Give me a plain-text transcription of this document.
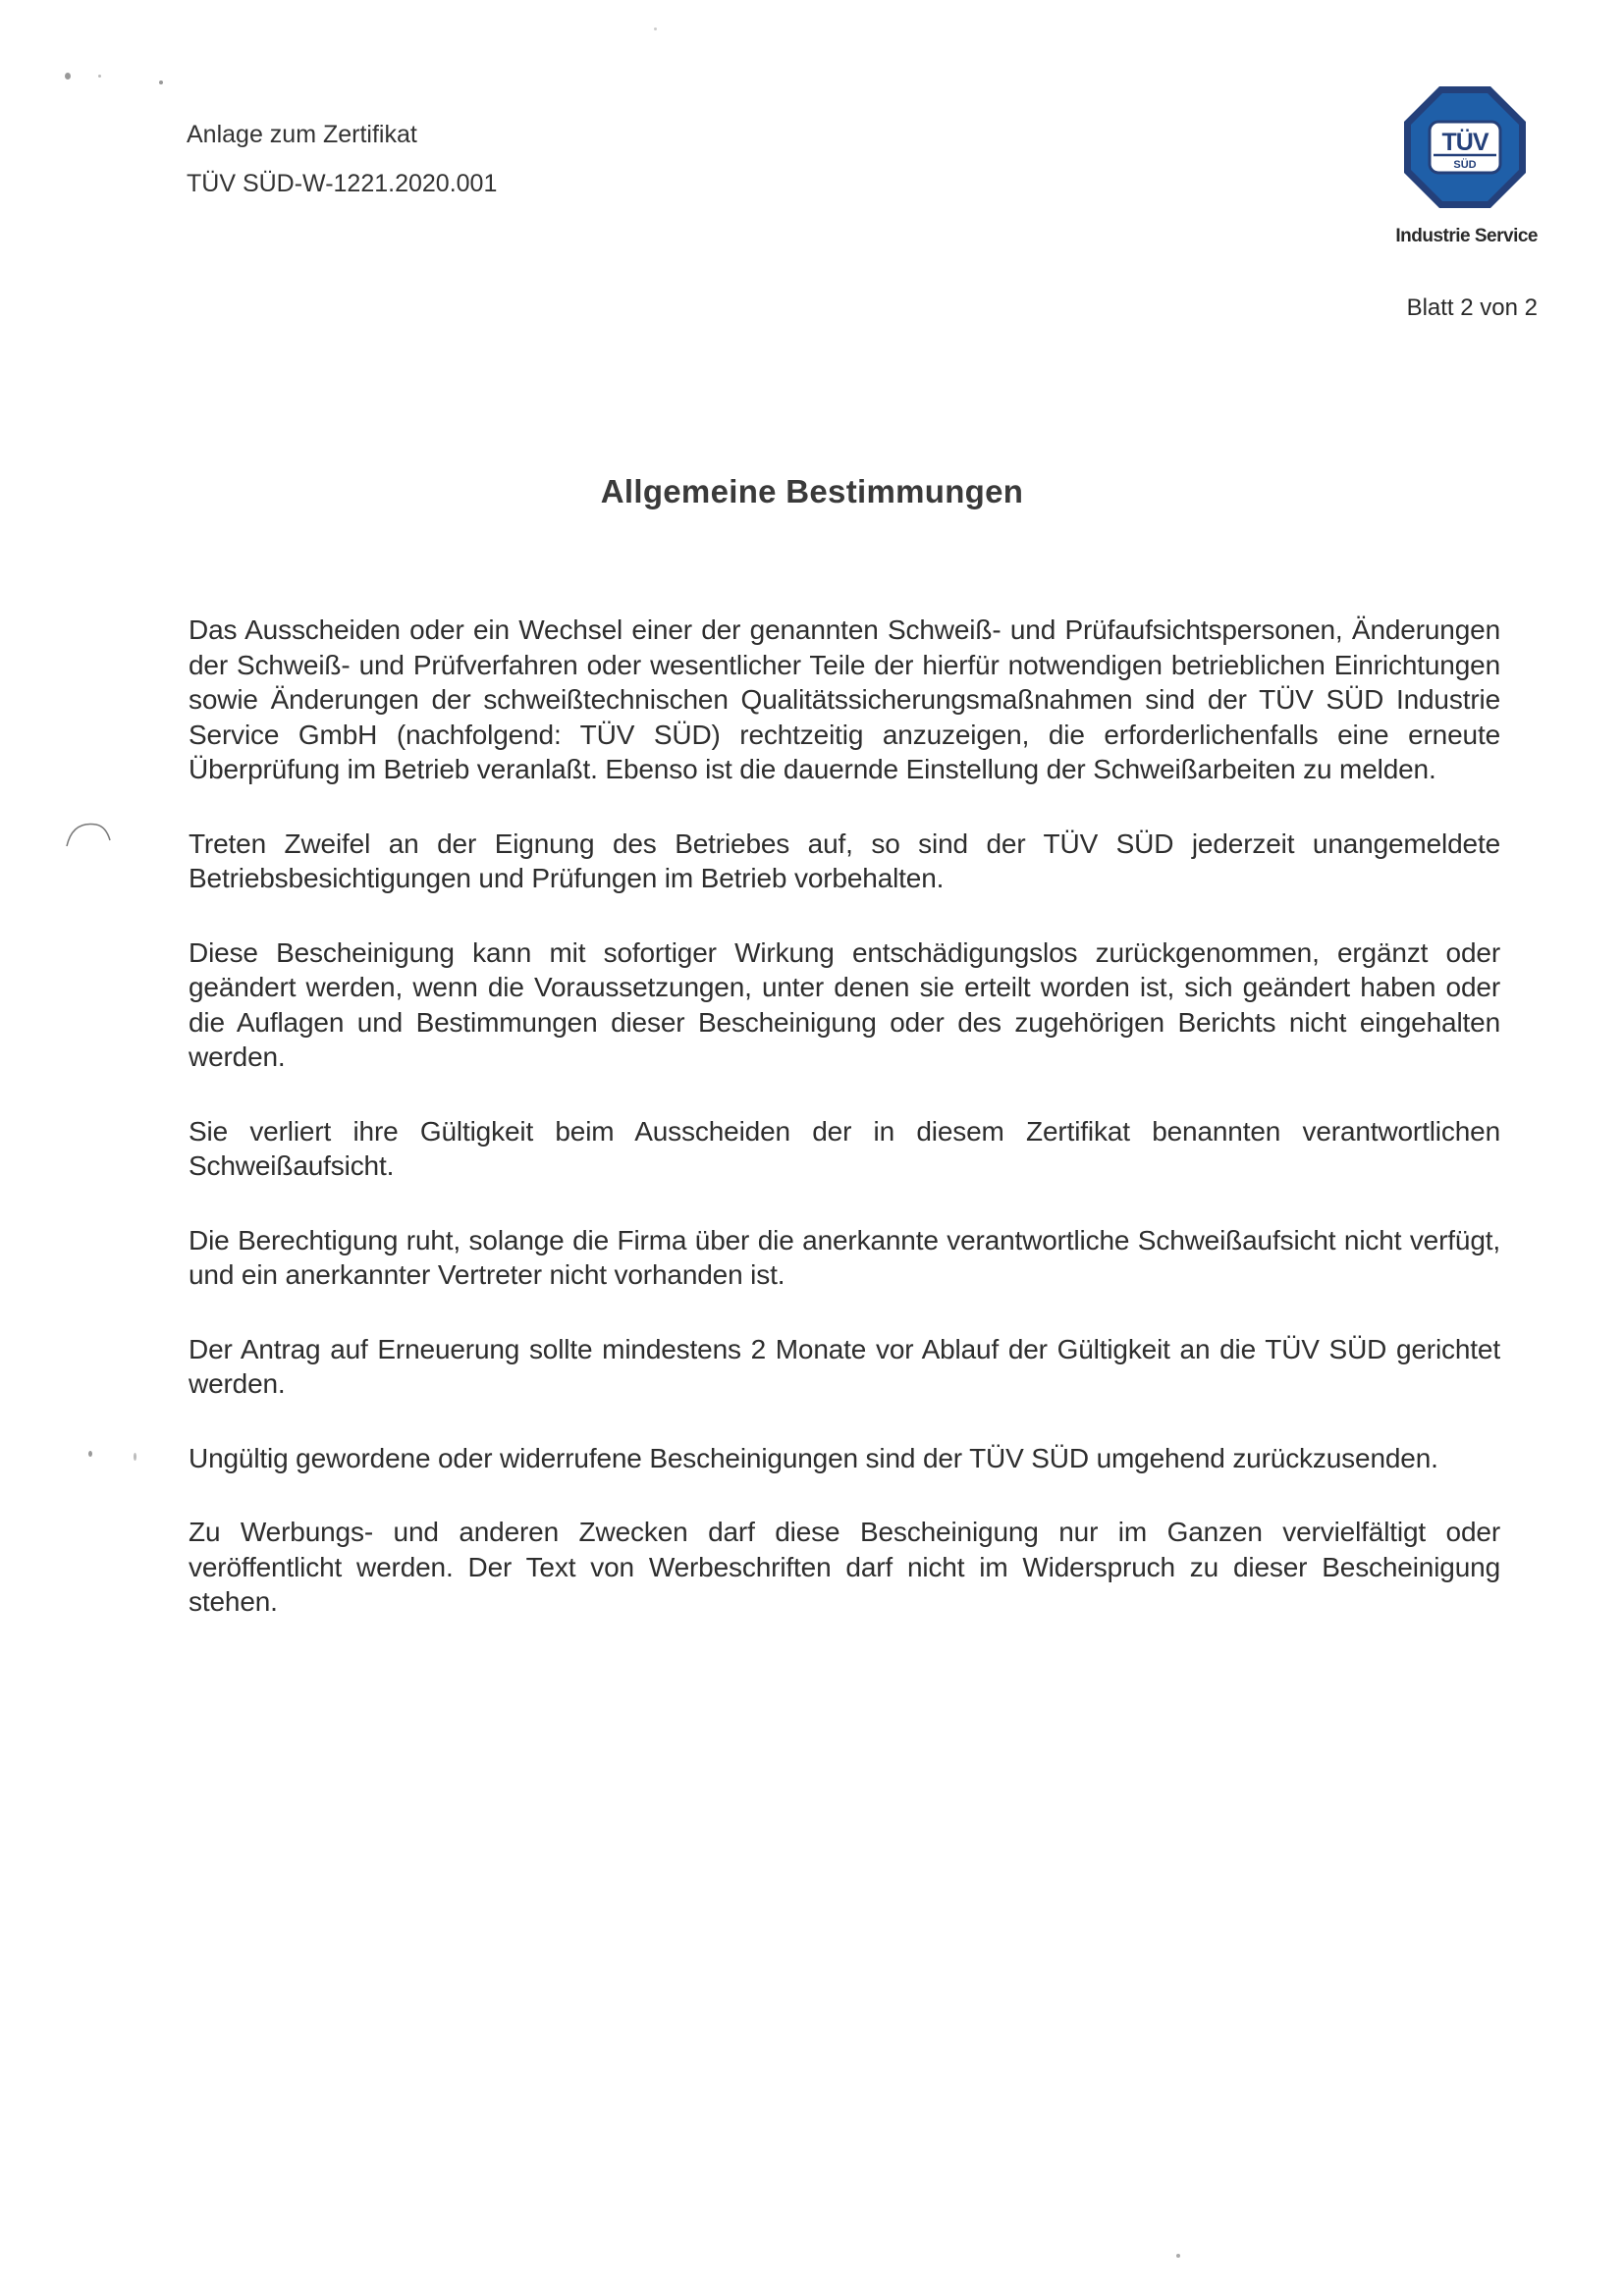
Anlage zum Zertifikat
TÜV SÜD-W-1221.2020.001
TÜV
SÜD
Industrie Service
Blatt 2 von 2
Allgemeine Bestimmungen

Das Ausscheiden oder ein Wechsel einer der genannten Schweiß- und Prüfaufsichtspersonen, Änderungen der Schweiß- und Prüfverfahren oder wesentlicher Teile der hierfür notwendigen betrieblichen Einrichtungen sowie Änderungen der schweißtechnischen Qualitätssicherungsmaßnahmen sind der TÜV SÜD Industrie Service GmbH (nachfolgend: TÜV SÜD) rechtzeitig anzuzeigen, die erforderlichenfalls eine erneute Überprüfung im Betrieb veranlaßt. Ebenso ist die dauernde Einstellung der Schweißarbeiten zu melden.

Treten Zweifel an der Eignung des Betriebes auf, so sind der TÜV SÜD jederzeit unangemeldete Betriebsbesichtigungen und Prüfungen im Betrieb vorbehalten.

Diese Bescheinigung kann mit sofortiger Wirkung entschädigungslos zurückgenommen, ergänzt oder geändert werden, wenn die Voraussetzungen, unter denen sie erteilt worden ist, sich geändert haben oder die Auflagen und Bestimmungen dieser Bescheinigung oder des zugehörigen Berichts nicht eingehalten werden.

Sie verliert ihre Gültigkeit beim Ausscheiden der in diesem Zertifikat benannten verantwortlichen Schweißaufsicht.

Die Berechtigung ruht, solange die Firma über die anerkannte verantwortliche Schweißaufsicht nicht verfügt, und ein anerkannter Vertreter nicht vorhanden ist.

Der Antrag auf Erneuerung sollte mindestens 2 Monate vor Ablauf der Gültigkeit an die TÜV SÜD gerichtet werden.

Ungültig gewordene oder widerrufene Bescheinigungen sind der TÜV SÜD umgehend zurückzusenden.

Zu Werbungs- und anderen Zwecken darf diese Bescheinigung nur im Ganzen vervielfältigt oder veröffentlicht werden. Der Text von Werbeschriften darf nicht im Widerspruch zu dieser Bescheinigung stehen.
